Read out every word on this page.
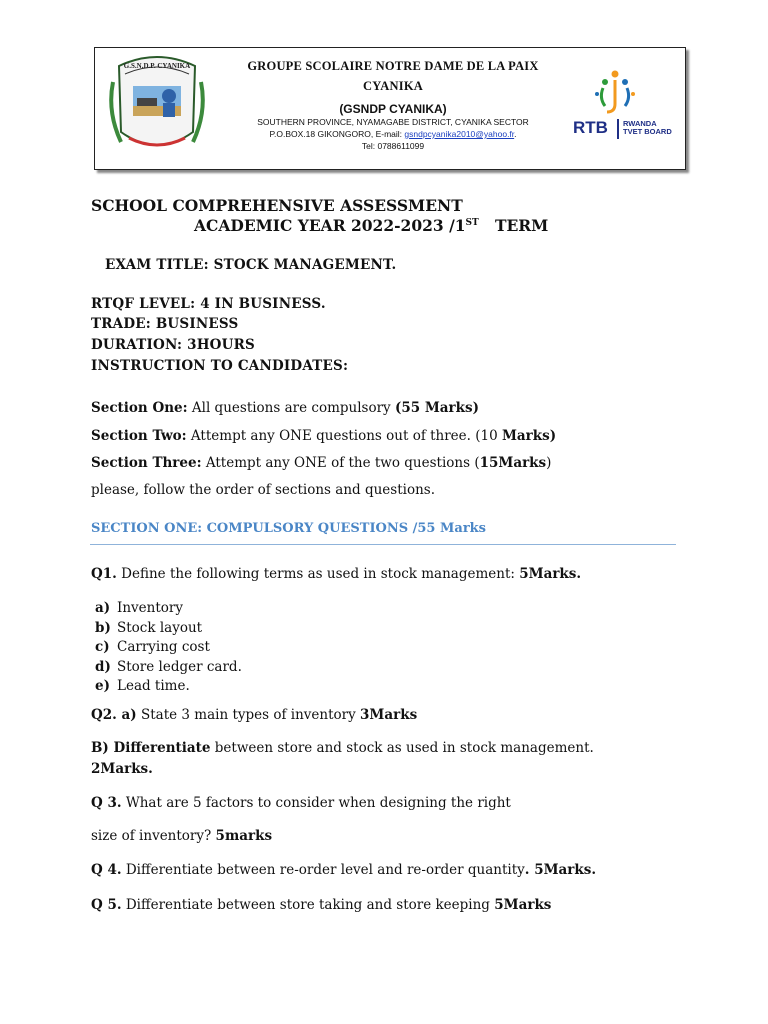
G.S.N.D.P. CYANIKA	GROUPE SCOLAIRE NOTRE DAME DE LA PAIX
CYANIKA
(GSNDP CYANIKA)
SOUTHERN PROVINCE, NYAMAGABE DISTRICT, CYANIKA SECTOR
P.O.BOX.18 GIKONGORO, E-mail: gsndpcyanika2010@yahoo.fr.
Tel: 0788611099
RTB RWANDA
TVET BOARD
SCHOOL COMPREHENSIVE ASSESSMENT
ACADEMIC YEAR 2022-2023 /1ST TERM
EXAM TITLE: STOCK MANAGEMENT.
RTQF LEVEL: 4 IN BUSINESS.
TRADE: BUSINESS
DURATION: 3HOURS
INSTRUCTION TO CANDIDATES:
Section One: All questions are compulsory (55 Marks)
Section Two: Attempt any ONE questions out of three. (10 Marks)
Section Three: Attempt any ONE of the two questions (15Marks)
please, follow the order of sections and questions.
SECTION ONE: COMPULSORY QUESTIONS /55 Marks
Q1. Define the following terms as used in stock management: 5Marks.
a) Inventory
b) Stock layout
c) Carrying cost
d) Store ledger card.
e) Lead time.
Q2. a) State 3 main types of inventory 3Marks
B) Differentiate between store and stock as used in stock management.
2Marks.
Q 3. What are 5 factors to consider when designing the right
size of inventory? 5marks
Q 4. Differentiate between re-order level and re-order quantity. 5Marks.
Q 5. Differentiate between store taking and store keeping 5Marks
